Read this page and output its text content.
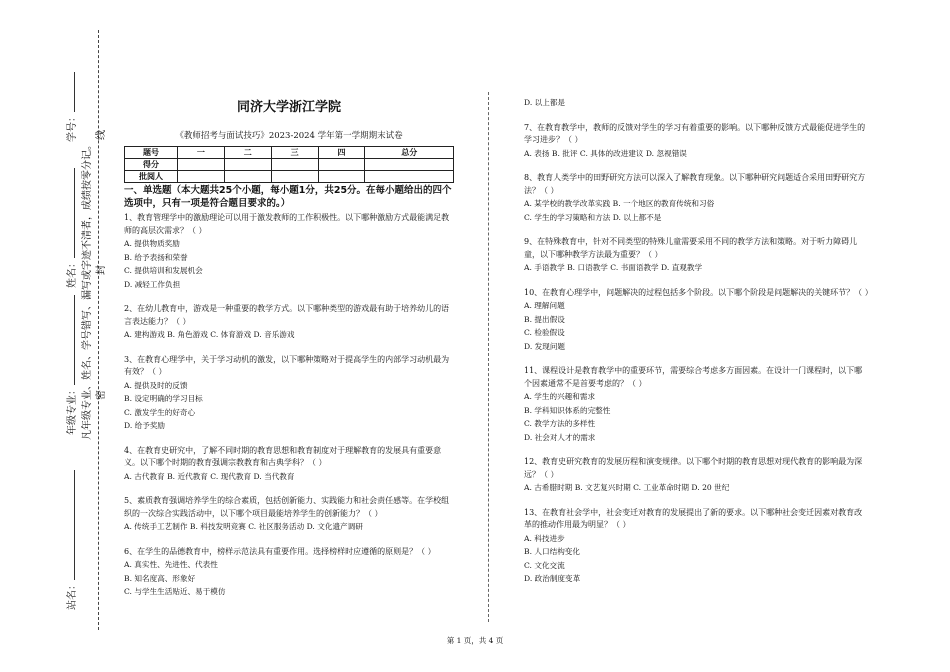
学号：
姓名：
年级专业：
站名：
凡年级专业、姓名、学号错写、漏写或字迹不清者，成绩按零分记。 密
封
线
同济大学浙江学院
《教师招考与面试技巧》2023-2024 学年第一学期期末试卷
题号	一	二	三	四	总分
得分					
批阅人					
一、单选题（本大题共25个小题，每小题1分，共25分。在每小题给出的四个选项中，只有一项是符合题目要求的。）
1、教育管理学中的激励理论可以用于激发教师的工作积极性。以下哪种激励方式最能满足教师的高层次需求？（ ）
A. 提供物质奖励
B. 给予表扬和荣誉
C. 提供培训和发展机会
D. 减轻工作负担
2、在幼儿教育中，游戏是一种重要的教学方式。以下哪种类型的游戏最有助于培养幼儿的语言表达能力？（ ）
A. 建构游戏 B. 角色游戏 C. 体育游戏 D. 音乐游戏
3、在教育心理学中，关于学习动机的激发，以下哪种策略对于提高学生的内部学习动机最为有效？（ ）
A. 提供及时的反馈
B. 设定明确的学习目标
C. 激发学生的好奇心
D. 给予奖励
4、在教育史研究中，了解不同时期的教育思想和教育制度对于理解教育的发展具有重要意义。以下哪个时期的教育强调宗教教育和古典学科？（ ）
A. 古代教育 B. 近代教育 C. 现代教育 D. 当代教育
5、素质教育强调培养学生的综合素质，包括创新能力、实践能力和社会责任感等。在学校组织的一次综合实践活动中，以下哪个项目最能培养学生的创新能力？（ ）
A. 传统手工艺制作 B. 科技发明竞赛 C. 社区服务活动 D. 文化遗产调研
6、在学生的品德教育中，榜样示范法具有重要作用。选择榜样时应遵循的原则是？（ ）
A. 真实性、先进性、代表性
B. 知名度高、形象好
C. 与学生生活贴近、易于模仿
D. 以上都是
7、在教育教学中，教师的反馈对学生的学习有着重要的影响。以下哪种反馈方式最能促进学生的学习进步？（ ）
A. 表扬 B. 批评 C. 具体的改进建议 D. 忽视错误
8、教育人类学中的田野研究方法可以深入了解教育现象。以下哪种研究问题适合采用田野研究方法？（ ）
A. 某学校的教学改革实践 B. 一个地区的教育传统和习俗
C. 学生的学习策略和方法 D. 以上都不是
9、在特殊教育中，针对不同类型的特殊儿童需要采用不同的教学方法和策略。对于听力障碍儿童，以下哪种教学方法最为重要？（ ）
A. 手语教学 B. 口语教学 C. 书面语教学 D. 直观教学
10、在教育心理学中，问题解决的过程包括多个阶段。以下哪个阶段是问题解决的关键环节？（ ）
A. 理解问题
B. 提出假设
C. 检验假设
D. 发现问题
11、课程设计是教育教学中的重要环节，需要综合考虑多方面因素。在设计一门课程时，以下哪个因素通常不是首要考虑的？（ ）
A. 学生的兴趣和需求
B. 学科知识体系的完整性
C. 教学方法的多样性
D. 社会对人才的需求
12、教育史研究教育的发展历程和演变规律。以下哪个时期的教育思想对现代教育的影响最为深远？（ ）
A. 古希腊时期 B. 文艺复兴时期 C. 工业革命时期 D. 20 世纪
13、在教育社会学中，社会变迁对教育的发展提出了新的要求。以下哪种社会变迁因素对教育改革的推动作用最为明显？（ ）
A. 科技进步
B. 人口结构变化
C. 文化交流
D. 政治制度变革
第 1 页，共 4 页
